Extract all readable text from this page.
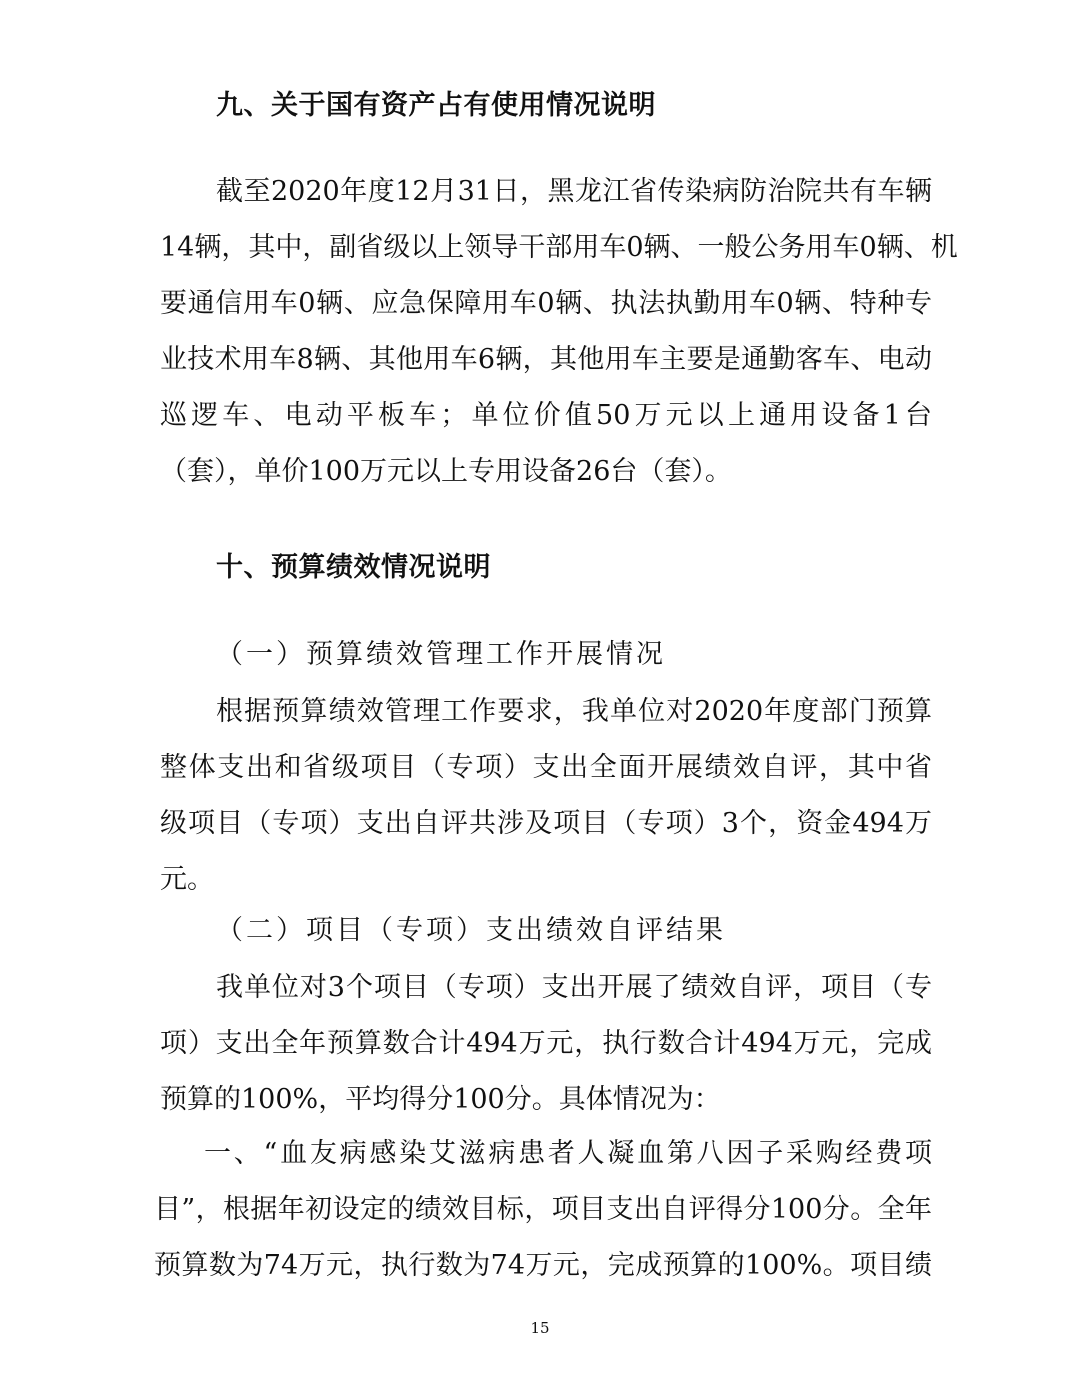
九、关于国有资产占有使用情况说明
截至2020年度12月31日，黑龙江省传染病防治院共有车辆
14辆，其中，副省级以上领导干部用车0辆、一般公务用车0辆、机
要通信用车0辆、应急保障用车0辆、执法执勤用车0辆、特种专
业技术用车8辆、其他用车6辆，其他用车主要是通勤客车、电动
巡逻车、电动平板车；单位价值50万元以上通用设备1台
（套），单价100万元以上专用设备26台（套）。
十、预算绩效情况说明
（一）预算绩效管理工作开展情况
根据预算绩效管理工作要求，我单位对2020年度部门预算
整体支出和省级项目（专项）支出全面开展绩效自评，其中省
级项目（专项）支出自评共涉及项目（专项）3个，资金494万
元。
（二）项目（专项）支出绩效自评结果
我单位对3个项目（专项）支出开展了绩效自评，项目（专
项）支出全年预算数合计494万元，执行数合计494万元，完成
预算的100%，平均得分100分。具体情况为：
一、“血友病感染艾滋病患者人凝血第八因子采购经费项
目”，根据年初设定的绩效目标，项目支出自评得分100分。全年
预算数为74万元，执行数为74万元，完成预算的100%。项目绩
15
